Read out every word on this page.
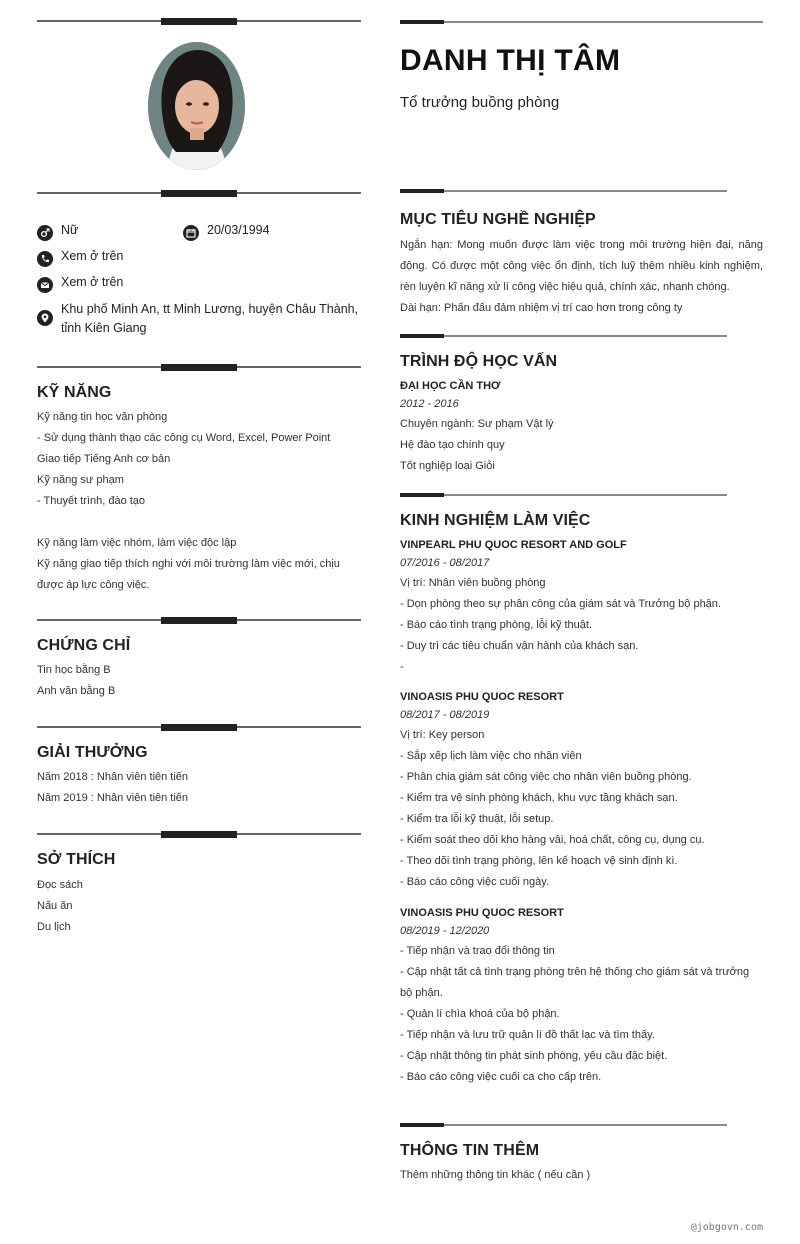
Nữ	20/03/1994
Xem ở trên
Xem ở trên
Khu phố Minh An, tt Minh Lương, huyện Châu Thành,
tỉnh Kiên Giang
KỸ NĂNG
Kỹ năng tin học văn phòng
- Sử dụng thành thạo các công cụ Word, Excel, Power Point
Giao tiếp Tiếng Anh cơ bản
Kỹ năng sư phạm
- Thuyết trình, đào tạo
Kỹ năng làm việc nhóm, làm việc độc lập
Kỹ năng giao tiếp thích nghi với môi trường làm việc mới, chịu
được áp lực công việc.
CHỨNG CHỈ
Tin học bằng B
Anh văn bằng B
GIẢI THƯỞNG
Năm 2018 : Nhân viên tiên tiến
Năm 2019 : Nhân viên tiên tiến
SỞ THÍCH
Đọc sách
Nấu ăn
Du lịch
DANH THỊ TÂM
Tổ trưởng buồng phòng
MỤC TIÊU NGHỀ NGHIỆP
Ngắn hạn: Mong muốn được làm việc trong môi trường hiện đại, năng động. Có được một công việc ổn định, tích luỹ thêm nhiều kinh nghiệm, rèn luyện kĩ năng xử lí công việc hiệu quả, chính xác, nhanh chóng.
Dài hạn: Phấn đấu đảm nhiệm vị trí cao hơn trong công ty
TRÌNH ĐỘ HỌC VẤN
ĐẠI HỌC CẦN THƠ
2012 - 2016
Chuyên ngành: Sư phạm Vật lý
Hệ đào tạo chính quy
Tốt nghiệp loại Giỏi
KINH NGHIỆM LÀM VIỆC
VINPEARL PHU QUOC RESORT AND GOLF
07/2016 - 08/2017
Vị trí: Nhân viên buồng phòng
- Dọn phòng theo sự phân công của giám sát và Trưởng bộ phận.
- Báo cáo tình trạng phòng, lỗi kỹ thuật.
- Duy trì các tiêu chuẩn vận hành của khách sạn.
-
VINOASIS PHU QUOC RESORT
08/2017 - 08/2019
Vị trí: Key person
- Sắp xếp lịch làm việc cho nhân viên
- Phân chia giám sát công việc cho nhân viên buồng phòng.
- Kiểm tra vệ sinh phòng khách, khu vực tầng khách sạn.
- Kiểm tra lỗi kỹ thuật, lỗi setup.
- Kiểm soát theo dõi kho hàng vải, hoá chất, công cụ, dụng cụ.
- Theo dõi tình trạng phòng, lên kế hoạch vệ sinh định kì.
- Báo cáo công việc cuối ngày.
VINOASIS PHU QUOC RESORT
08/2019 - 12/2020
- Tiếp nhận và trao đổi thông tin
- Cập nhật tất cả tình trạng phòng trên hệ thống cho giám sát và trưởng
bộ phận.
- Quản lí chìa khoá của bộ phận.
- Tiếp nhận và lưu trữ quản lí đồ thất lạc và tìm thấy.
- Cập nhật thông tin phát sinh phòng, yêu cầu đặc biệt.
- Báo cáo công việc cuối ca cho cấp trên.
THÔNG TIN THÊM
Thêm những thông tin khác ( nếu cần )
@jobgovn.com
